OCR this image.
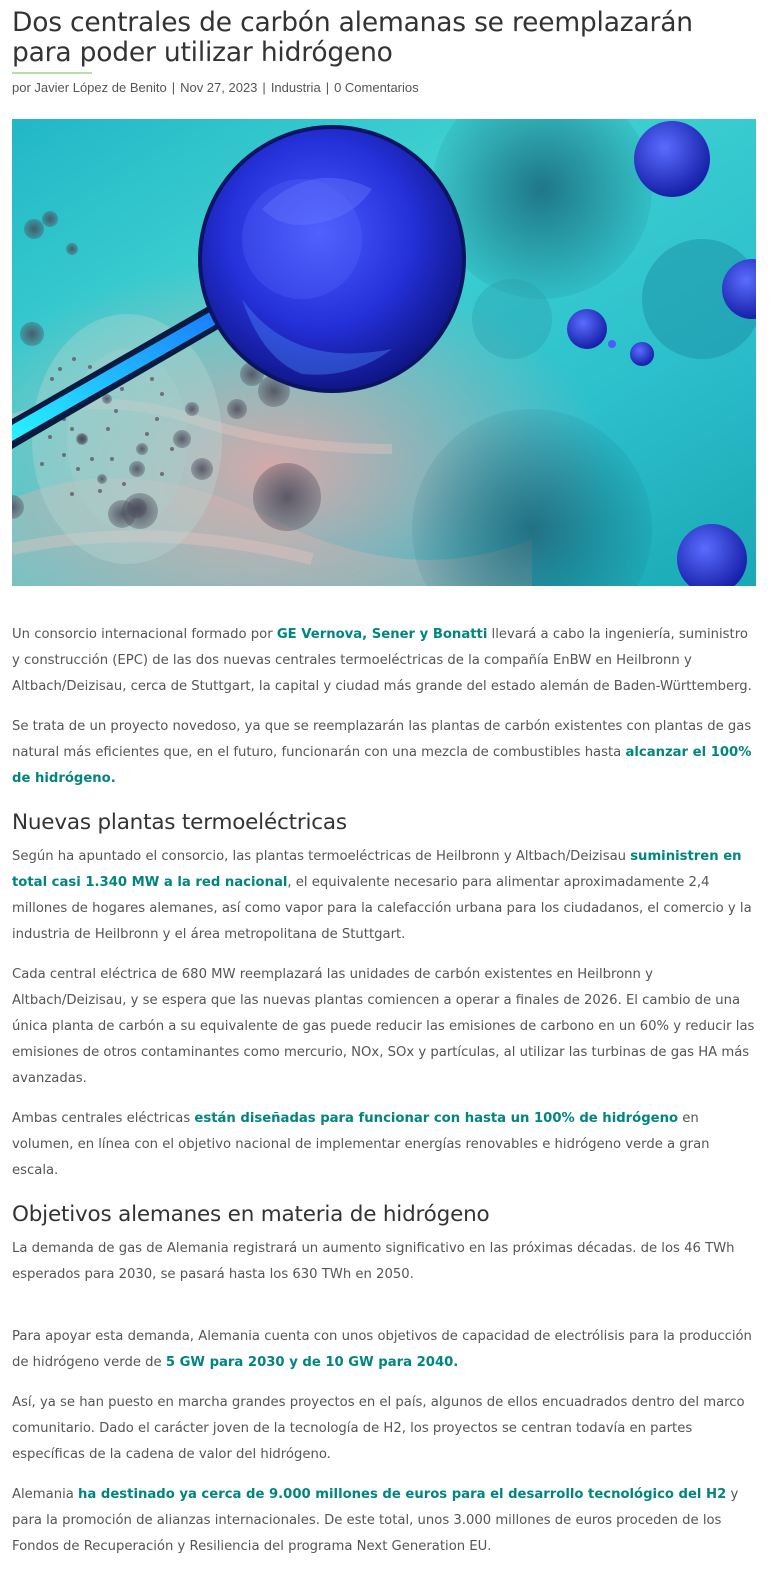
Dos centrales de carbón alemanas se reemplazarán para poder utilizar hidrógeno
por Javier López de Benito | Nov 27, 2023 | Industria | 0 Comentarios

Un consorcio internacional formado por GE Vernova, Sener y Bonatti llevará a cabo la ingeniería, suministro y construcción (EPC) de las dos nuevas centrales termoeléctricas de la compañía EnBW en Heilbronn y Altbach/Deizisau, cerca de Stuttgart, la capital y ciudad más grande del estado alemán de Baden-Württemberg.

Se trata de un proyecto novedoso, ya que se reemplazarán las plantas de carbón existentes con plantas de gas natural más eficientes que, en el futuro, funcionarán con una mezcla de combustibles hasta alcanzar el 100% de hidrógeno.

Nuevas plantas termoeléctricas

Según ha apuntado el consorcio, las plantas termoeléctricas de Heilbronn y Altbach/Deizisau suministren en total casi 1.340 MW a la red nacional, el equivalente necesario para alimentar aproximadamente 2,4 millones de hogares alemanes, así como vapor para la calefacción urbana para los ciudadanos, el comercio y la industria de Heilbronn y el área metropolitana de Stuttgart.

Cada central eléctrica de 680 MW reemplazará las unidades de carbón existentes en Heilbronn y Altbach/Deizisau, y se espera que las nuevas plantas comiencen a operar a finales de 2026. El cambio de una única planta de carbón a su equivalente de gas puede reducir las emisiones de carbono en un 60% y reducir las emisiones de otros contaminantes como mercurio, NOx, SOx y partículas, al utilizar las turbinas de gas HA más avanzadas.

Ambas centrales eléctricas están diseñadas para funcionar con hasta un 100% de hidrógeno en volumen, en línea con el objetivo nacional de implementar energías renovables e hidrógeno verde a gran escala.

Objetivos alemanes en materia de hidrógeno

La demanda de gas de Alemania registrará un aumento significativo en las próximas décadas. de los 46 TWh esperados para 2030, se pasará hasta los 630 TWh en 2050.

Para apoyar esta demanda, Alemania cuenta con unos objetivos de capacidad de electrólisis para la producción de hidrógeno verde de 5 GW para 2030 y de 10 GW para 2040.

Así, ya se han puesto en marcha grandes proyectos en el país, algunos de ellos encuadrados dentro del marco comunitario. Dado el carácter joven de la tecnología de H2, los proyectos se centran todavía en partes específicas de la cadena de valor del hidrógeno.

Alemania ha destinado ya cerca de 9.000 millones de euros para el desarrollo tecnológico del H2 y para la promoción de alianzas internacionales. De este total, unos 3.000 millones de euros proceden de los Fondos de Recuperación y Resiliencia del programa Next Generation EU.
